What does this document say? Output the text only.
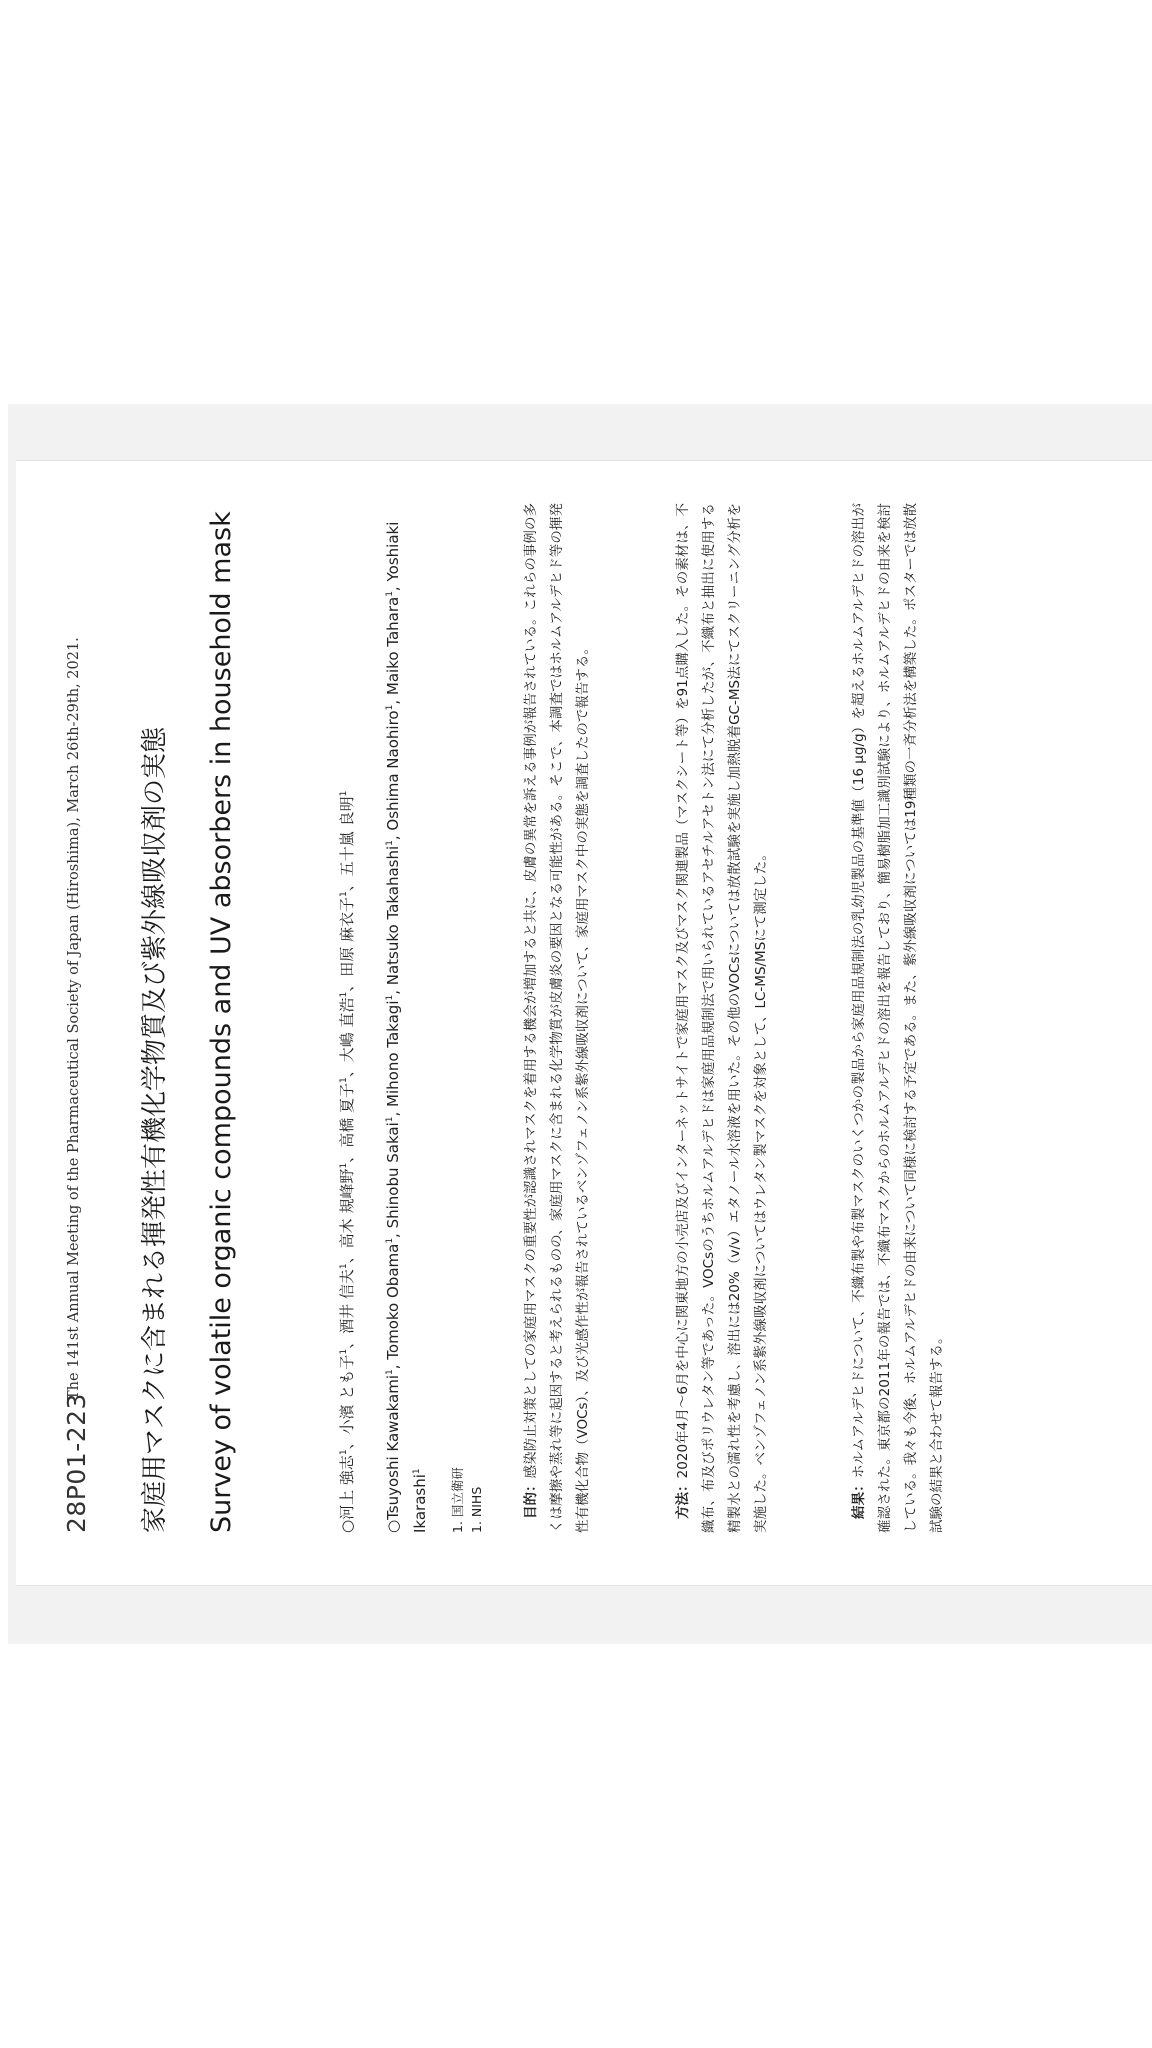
28P01-223
The 141st Annual Meeting of the Pharmaceutical Society of Japan (Hiroshima), March 26th-29th, 2021. 家庭用マスクに含まれる揮発性有機化学物質及び紫外線吸収剤の実態	Survey of volatile organic compounds and UV absorbers in household mask	○河上 強志$^1$、小濱 とも子$^1$、酒井 信夫$^1$、高木 規峰野$^1$、高橋 夏子$^1$、大嶋 直浩$^1$、田原 麻衣子$^1$、五十嵐 良明$^1$
○Tsuyoshi Kawakami$^1$, Tomoko Obama$^1$, Shinobu Sakai$^1$, Mihono Takagi$^1$, Natsuko Takahashi$^1$, Oshima Naohiro$^1$, Maiko Tahara$^1$, Yoshiaki Ikarashi$^1$	1. 国立衛研 1. NIHS	目的：感染防止対策としての家庭用マスクの重要性が認識されマスクを着用する機会が増加すると共に、皮膚の異常を訴える事例が報告されている。これらの事例の多くは摩擦や蒸れ等に起因すると考えられるものの、家庭用マスクに含まれる化学物質が皮膚炎の要因となる可能性がある。そこで、本調査ではホルムアルデヒド等の揮発性有機化合物（VOCs）、及び光感作性が報告されているベンゾフェノン系紫外線吸収剤について、家庭用マスク中の実態を調査したので報告する。	方法：2020年4月～6月を中心に関東地方の小売店及びインターネットサイトで家庭用マスク及びマスク関連製品（マスクシート等）を91点購入した。その素材は、不織布、布及びポリウレタン等であった。VOCsのうちホルムアルデヒドは家庭用品規制法で用いられているアセチルアセトン法にて分析したが、不織布と抽出に使用する精製水との濡れ性を考慮し、溶出には20%（v/v）エタノール水溶液を用いた。その他のVOCsについては放散試験を実施し加熱脱着GC-MS法にてスクリーニング分析を実施した。ベンゾフェノン系紫外線吸収剤についてはウレタン製マスクを対象として、LC-MS/MSにて測定した。	結果：ホルムアルデヒドについて、不織布製や布製マスクのいくつかの製品から家庭用品規制法の乳幼児製品の基準値（16 μg/g）を超えるホルムアルデヒドの溶出が確認された。東京都の2011年の報告では、不織布マスクからのホルムアルデヒドの溶出を報告しており、簡易樹脂加工識別試験により、ホルムアルデヒドの由来を検討している。我々も今後、ホルムアルデヒドの由来について同様に検討する予定である。また、紫外線吸収剤については19種類の一斉分析法を構築した。ポスターでは放散試験の結果と合わせて報告する。
